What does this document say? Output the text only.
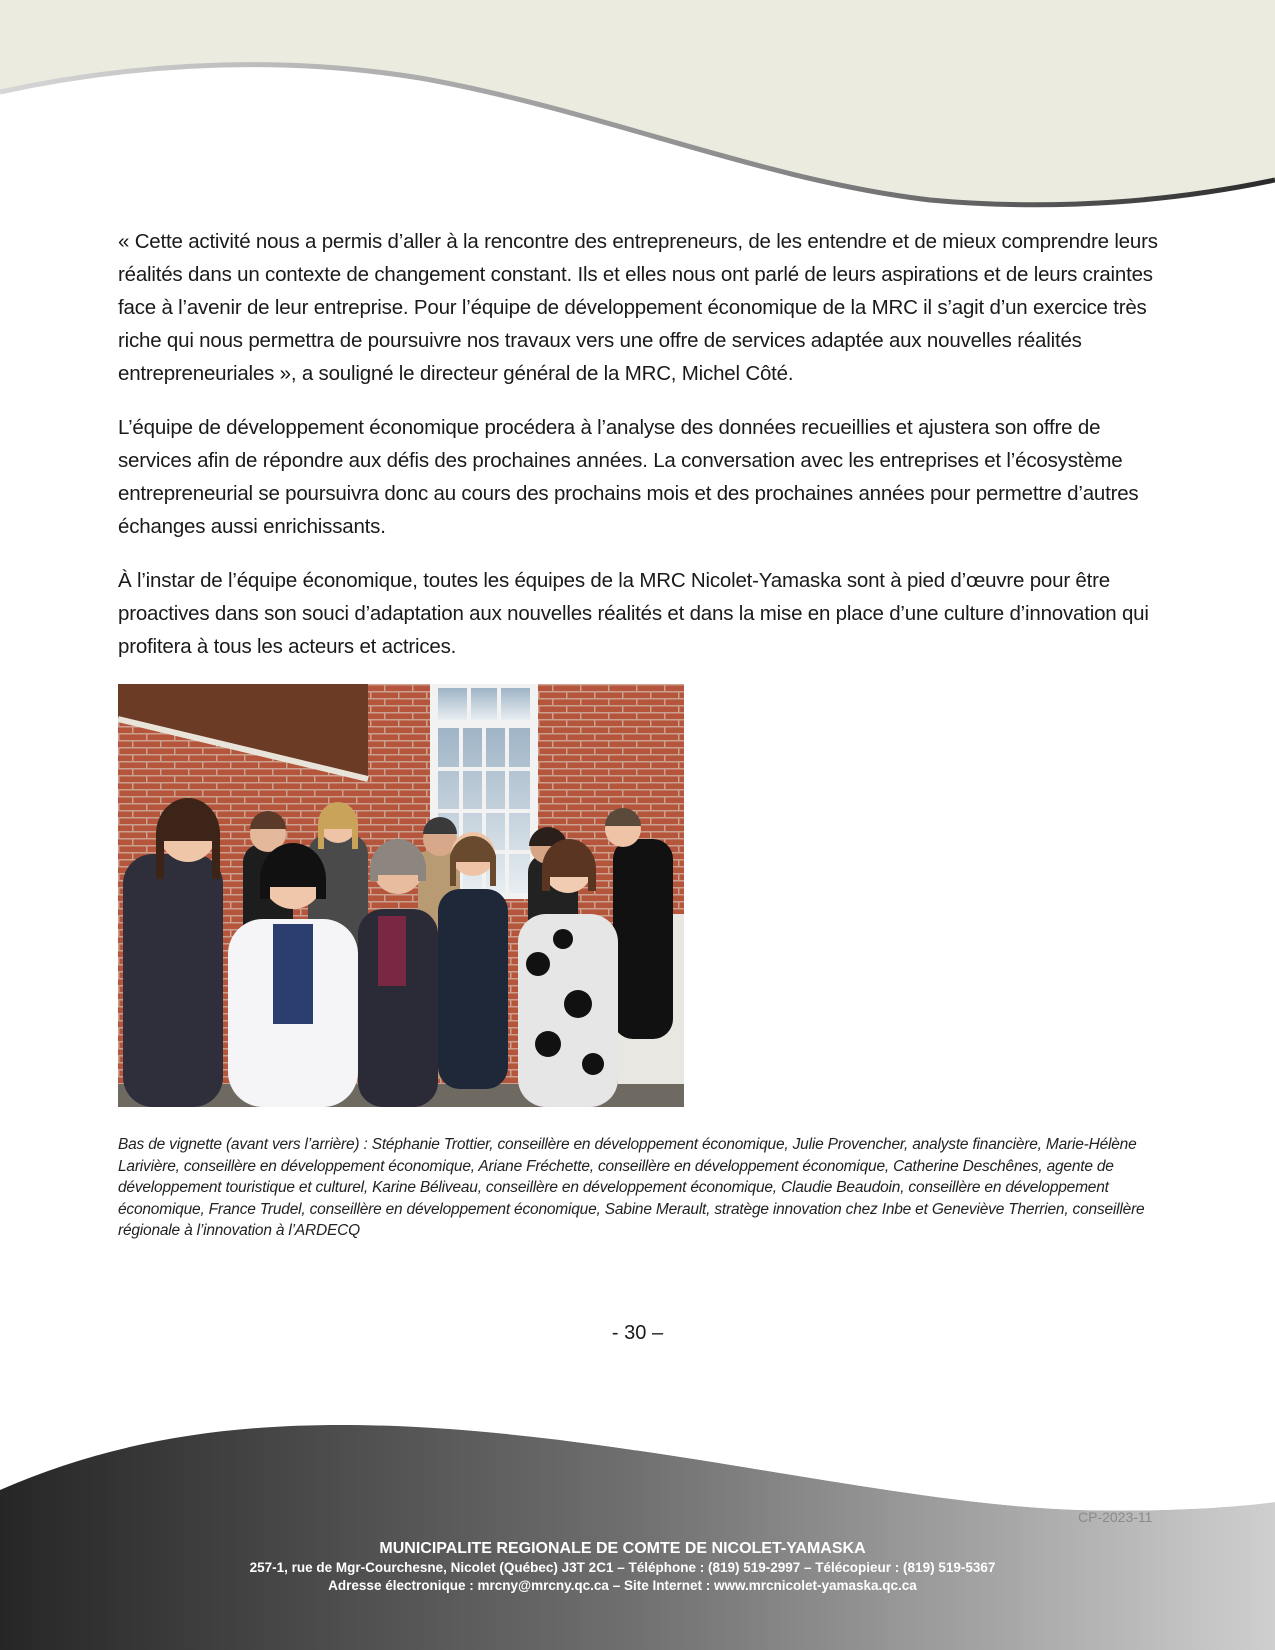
« Cette activité nous a permis d’aller à la rencontre des entrepreneurs, de les entendre et de mieux comprendre leurs réalités dans un contexte de changement constant. Ils et elles nous ont parlé de leurs aspirations et de leurs craintes face à l’avenir de leur entreprise. Pour l’équipe de développement économique de la MRC il s’agit d’un exercice très riche qui nous permettra de poursuivre nos travaux vers une offre de services adaptée aux nouvelles réalités entrepreneuriales », a souligné le directeur général de la MRC, Michel Côté.

L’équipe de développement économique procédera à l’analyse des données recueillies et ajustera son offre de services afin de répondre aux défis des prochaines années. La conversation avec les entreprises et l’écosystème entrepreneurial se poursuivra donc au cours des prochains mois et des prochaines années pour permettre d’autres échanges aussi enrichissants.

À l’instar de l’équipe économique, toutes les équipes de la MRC Nicolet-Yamaska sont à pied d’œuvre pour être proactives dans son souci d’adaptation aux nouvelles réalités et dans la mise en place d’une culture d’innovation qui profitera à tous les acteurs et actrices.

Bas de vignette (avant vers l’arrière) : Stéphanie Trottier, conseillère en développement économique, Julie Provencher, analyste financière, Marie-Hélène Larivière, conseillère en développement économique, Ariane Fréchette, conseillère en développement économique, Catherine Deschênes, agente de développement touristique et culturel, Karine Béliveau, conseillère en développement économique, Claudie Beaudoin, conseillère en développement économique, France Trudel, conseillère en développement économique, Sabine Merault, stratège innovation chez Inbe et Geneviève Therrien, conseillère régionale à l’innovation à l’ARDECQ
- 30 –
CP-2023-11
MUNICIPALITE REGIONALE DE COMTE DE NICOLET-YAMASKA
257-1, rue de Mgr-Courchesne, Nicolet (Québec) J3T 2C1 – Téléphone : (819) 519-2997 – Télécopieur : (819) 519-5367
Adresse électronique : mrcny@mrcny.qc.ca – Site Internet : www.mrcnicolet-yamaska.qc.ca
